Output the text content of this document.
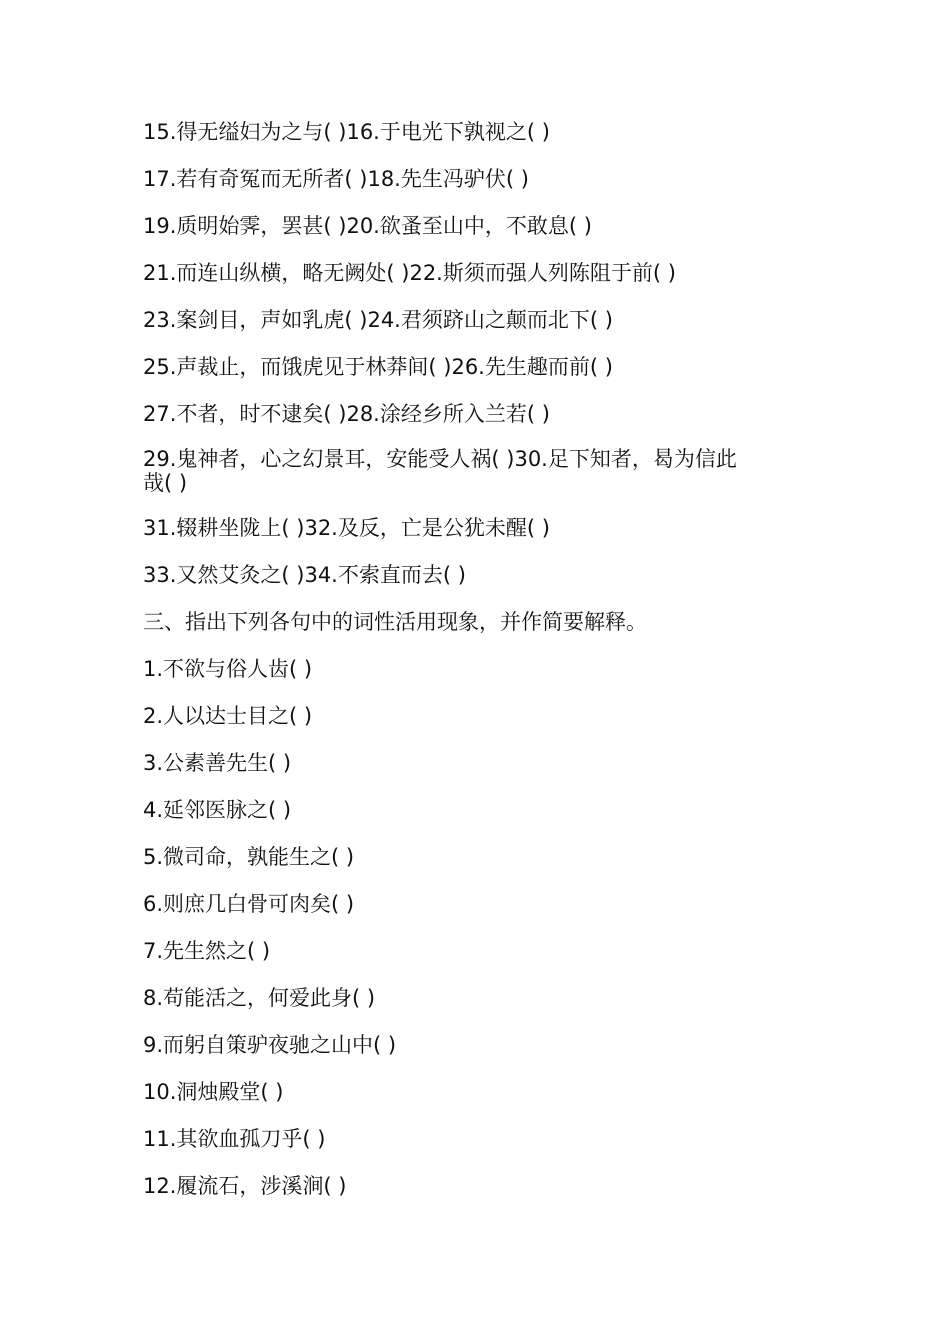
15.得无缢妇为之与( )16.于电光下孰视之( )
17.若有奇冤而无所者( )18.先生冯驴伏( )
19.质明始霁，罢甚( )20.欲蚤至山中，不敢息( )
21.而连山纵横，略无阙处( )22.斯须而强人列陈阻于前( )
23.案剑目，声如乳虎( )24.君须跻山之颠而北下( )
25.声裁止，而饿虎见于林莽间( )26.先生趣而前( )
27.不者，时不逮矣( )28.涂经乡所入兰若( )
29.鬼神者，心之幻景耳，安能受人祸( )30.足下知者，曷为信此
哉( )
31.辍耕坐陇上( )32.及反，亡是公犹未醒( )
33.又然艾灸之( )34.不索直而去( )
三、指出下列各句中的词性活用现象，并作简要解释。
1.不欲与俗人齿( )
2.人以达士目之( )
3.公素善先生( )
4.延邻医脉之( )
5.微司命，孰能生之( )
6.则庶几白骨可肉矣( )
7.先生然之( )
8.苟能活之，何爱此身( )
9.而躬自策驴夜驰之山中( )
10.洞烛殿堂( )
11.其欲血孤刀乎( )
12.履流石，涉溪涧( )
